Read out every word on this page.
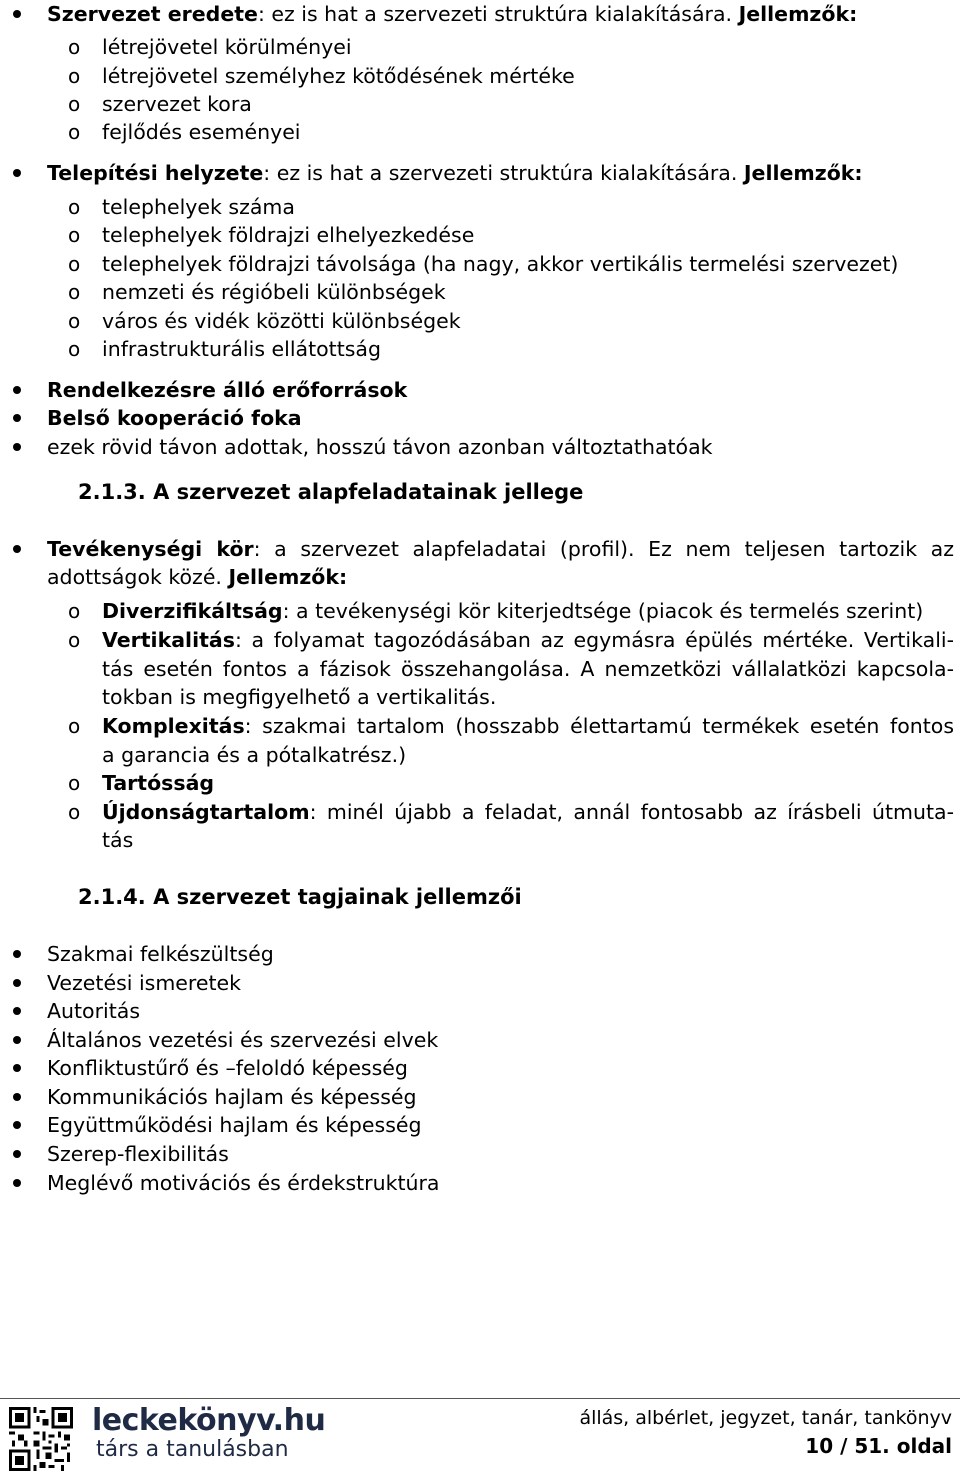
Szervezet eredete: ez is hat a szervezeti struktúra kialakítására. Jellemzők:
o létrejövetel körülményei
o létrejövetel személyhez kötődésének mértéke
o szervezet kora
o fejlődés eseményei
Telepítési helyzete: ez is hat a szervezeti struktúra kialakítására. Jellemzők:
o telephelyek száma
o telephelyek földrajzi elhelyezkedése
o telephelyek földrajzi távolsága (ha nagy, akkor vertikális termelési szervezet)
o nemzeti és régióbeli különbségek
o város és vidék közötti különbségek
o infrastrukturális ellátottság
Rendelkezésre álló erőforrások
Belső kooperáció foka
ezek rövid távon adottak, hosszú távon azonban változtathatóak
2.1.3. A szervezet alapfeladatainak jellege
Tevékenységi kör: a szervezet alapfeladatai (profil). Ez nem teljesen tartozik az
adottságok közé. Jellemzők:
o Diverzifikáltság: a tevékenységi kör kiterjedtsége (piacok és termelés szerint)
o Vertikalitás: a folyamat tagozódásában az egymásra épülés mértéke. Vertikali-
tás esetén fontos a fázisok összehangolása. A nemzetközi vállalatközi kapcsola-
tokban is megfigyelhető a vertikalitás.
o Komplexitás: szakmai tartalom (hosszabb élettartamú termékek esetén fontos
a garancia és a pótalkatrész.)
o Tartósság
o Újdonságtartalom: minél újabb a feladat, annál fontosabb az írásbeli útmuta-
tás
2.1.4. A szervezet tagjainak jellemzői
Szakmai felkészültség
Vezetési ismeretek
Autoritás
Általános vezetési és szervezési elvek
Konfliktustűrő és –feloldó képesség
Kommunikációs hajlam és képesség
Együttműködési hajlam és képesség
Szerep-flexibilitás
Meglévő motivációs és érdekstruktúra
leckekönyv.hu
társ a tanulásban
állás, albérlet, jegyzet, tanár, tankönyv
10 / 51. oldal
